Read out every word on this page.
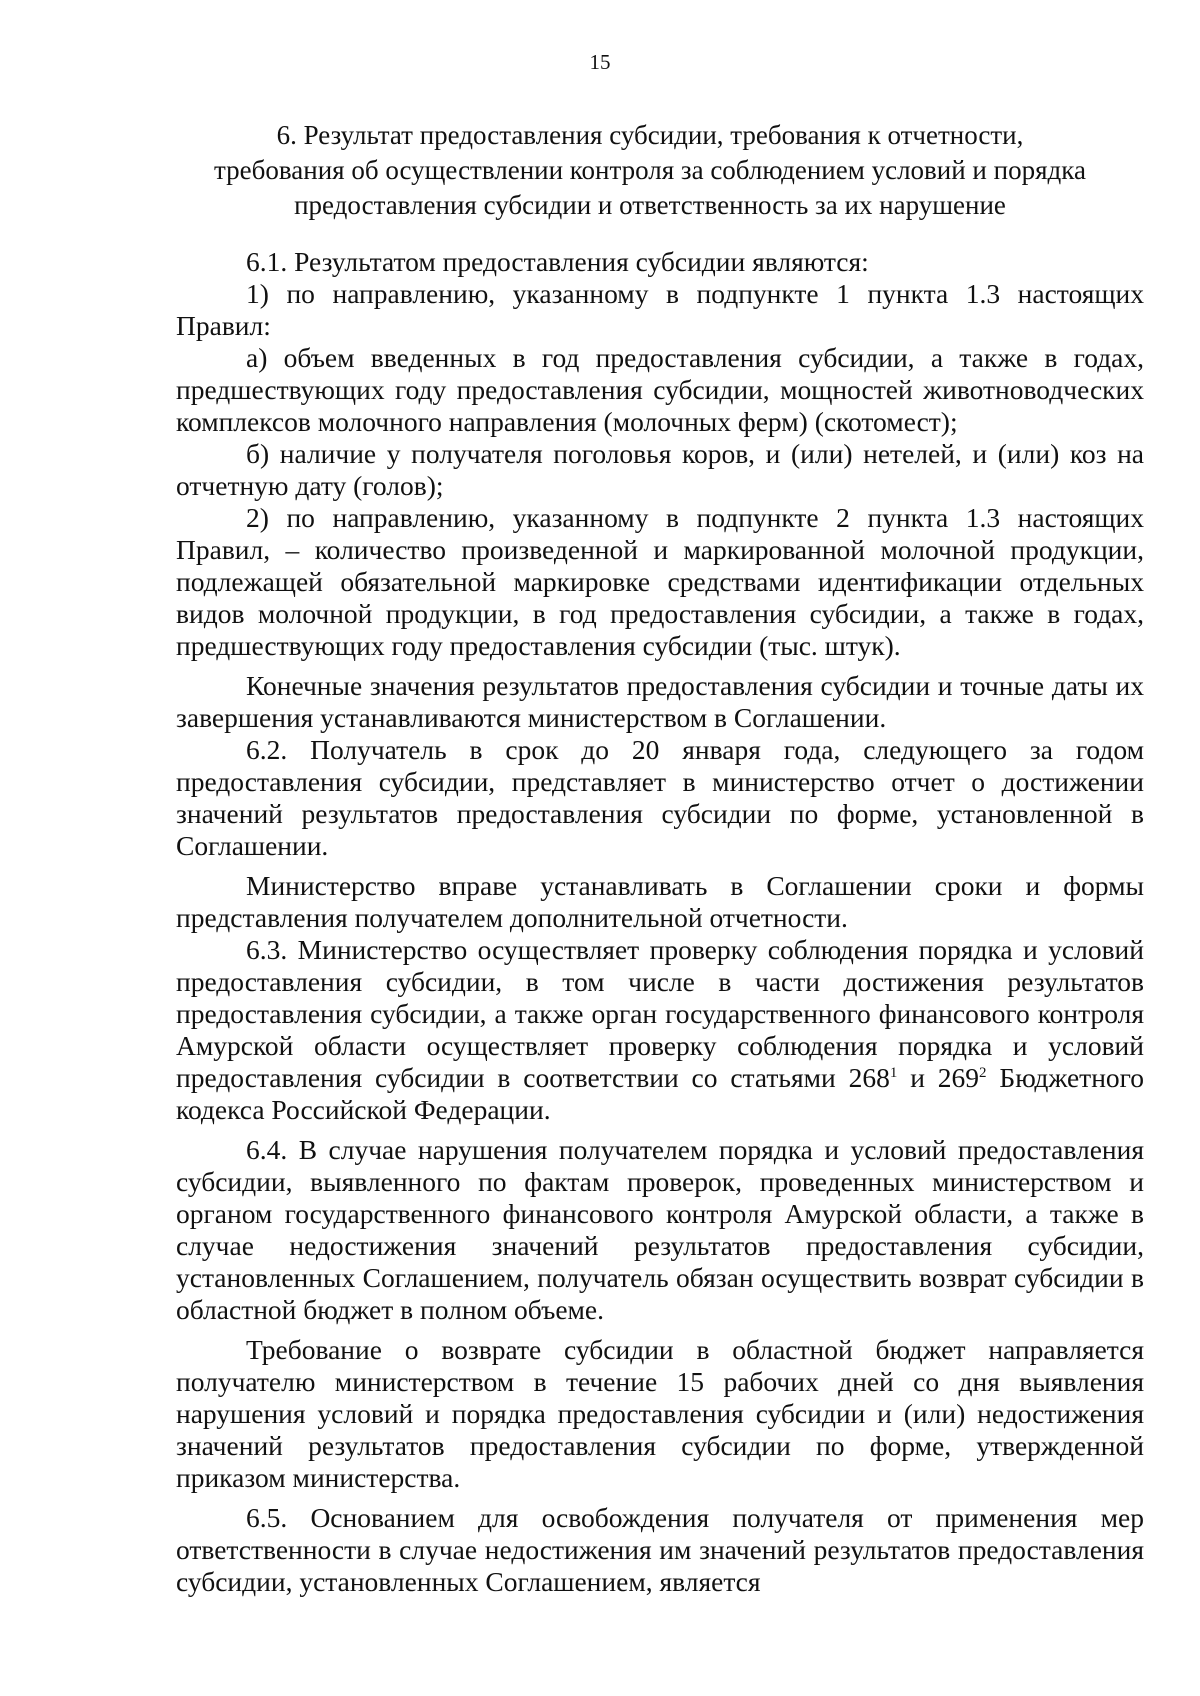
15
6. Результат предоставления субсидии, требования к отчетности,
требования об осуществлении контроля за соблюдением условий и порядка
предоставления субсидии и ответственность за их нарушение

6.1. Результатом предоставления субсидии являются:

1) по направлению, указанному в подпункте 1 пункта 1.3 настоящих Правил:

а) объем введенных в год предоставления субсидии, а также в годах, предшествующих году предоставления субсидии, мощностей животноводческих комплексов молочного направления (молочных ферм) (скотомест);

б) наличие у получателя поголовья коров, и (или) нетелей, и (или) коз на отчетную дату (голов);

2) по направлению, указанному в подпункте 2 пункта 1.3 настоящих Правил, – количество произведенной и маркированной молочной продукции, подлежащей обязательной маркировке средствами идентификации отдельных видов молочной продукции, в год предоставления субсидии, а также в годах, предшествующих году предоставления субсидии (тыс. штук).

Конечные значения результатов предоставления субсидии и точные даты их завершения устанавливаются министерством в Соглашении.

6.2. Получатель в срок до 20 января года, следующего за годом предоставления субсидии, представляет в министерство отчет о достижении значений результатов предоставления субсидии по форме, установленной в Соглашении.

Министерство вправе устанавливать в Соглашении сроки и формы представления получателем дополнительной отчетности.

6.3. Министерство осуществляет проверку соблюдения порядка и условий предоставления субсидии, в том числе в части достижения результатов предоставления субсидии, а также орган государственного финансового контроля Амурской области осуществляет проверку соблюдения порядка и условий предоставления субсидии в соответствии со статьями $268^1$ и $269^2$ Бюджетного кодекса Российской Федерации.

6.4. В случае нарушения получателем порядка и условий предоставления субсидии, выявленного по фактам проверок, проведенных министерством и органом государственного финансового контроля Амурской области, а также в случае недостижения значений результатов предоставления субсидии, установленных Соглашением, получатель обязан осуществить возврат субсидии в областной бюджет в полном объеме.

Требование о возврате субсидии в областной бюджет направляется получателю министерством в течение 15 рабочих дней со дня выявления нарушения условий и порядка предоставления субсидии и (или) недостижения значений результатов предоставления субсидии по форме, утвержденной приказом министерства.

6.5. Основанием для освобождения получателя от применения мер ответственности в случае недостижения им значений результатов предоставления субсидии, установленных Соглашением, является
